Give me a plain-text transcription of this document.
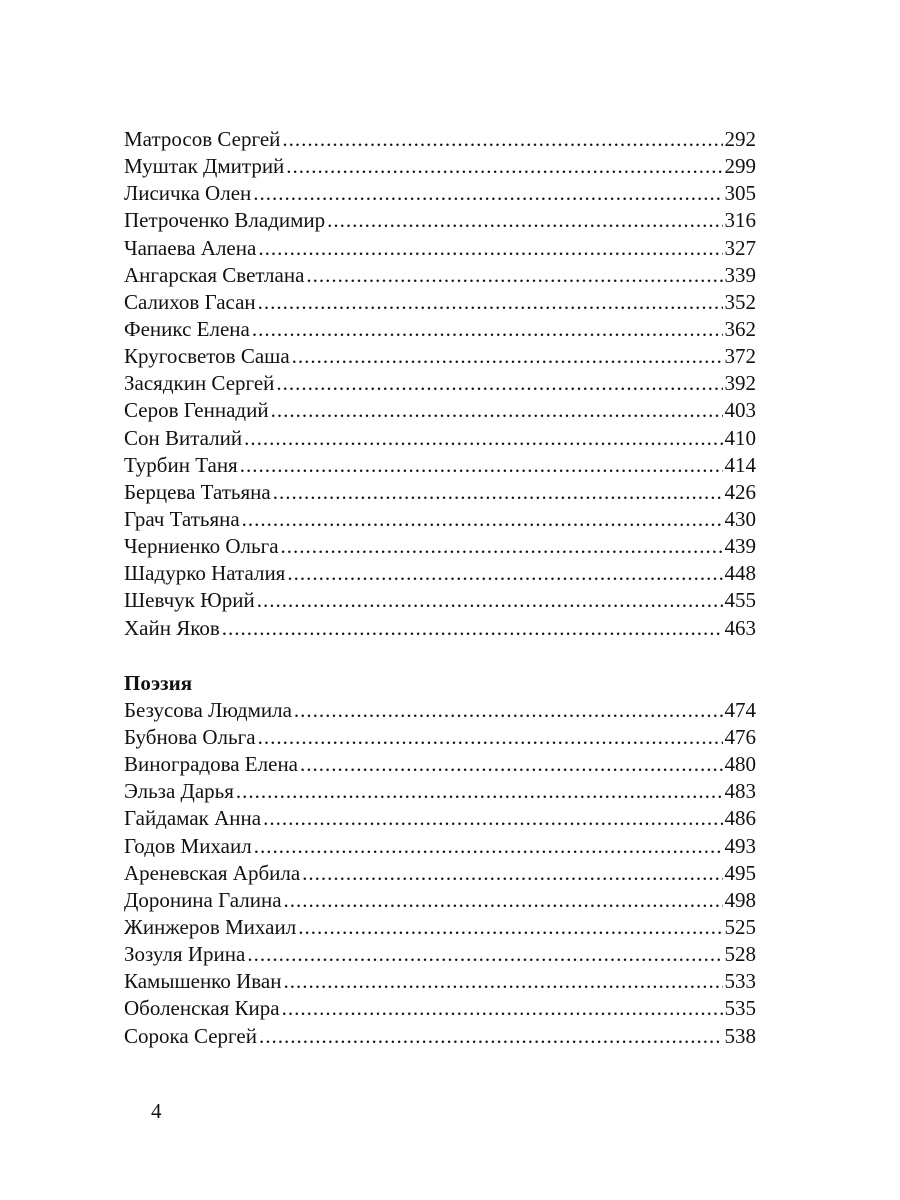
Матросов Сергей .....	292
Муштак Дмитрий .....	299
Лисичка Олен .....	305
Петроченко Владимир .....	316
Чапаева Алена .....	327
Ангарская Светлана .....	339
Салихов Гасан .....	352
Феникс Елена .....	362
Кругосветов Саша .....	372
Засядкин Сергей .....	392
Серов Геннадий .....	403
Сон Виталий .....	410
Турбин Таня .....	414
Берцева Татьяна .....	426
Грач Татьяна .....	430
Черниенко Ольга .....	439
Шадурко Наталия .....	448
Шевчук Юрий .....	455
Хайн Яков .....	463
Поэзия
Безусова Людмила .....	474
Бубнова Ольга .....	476
Виноградова Елена .....	480
Эльза Дарья .....	483
Гайдамак Анна .....	486
Годов Михаил .....	493
Ареневская Арбила .....	495
Доронина Галина .....	498
Жинжеров Михаил .....	525
Зозуля Ирина .....	528
Камышенко Иван .....	533
Оболенская Кира .....	535
Сорока Сергей .....	538
4
